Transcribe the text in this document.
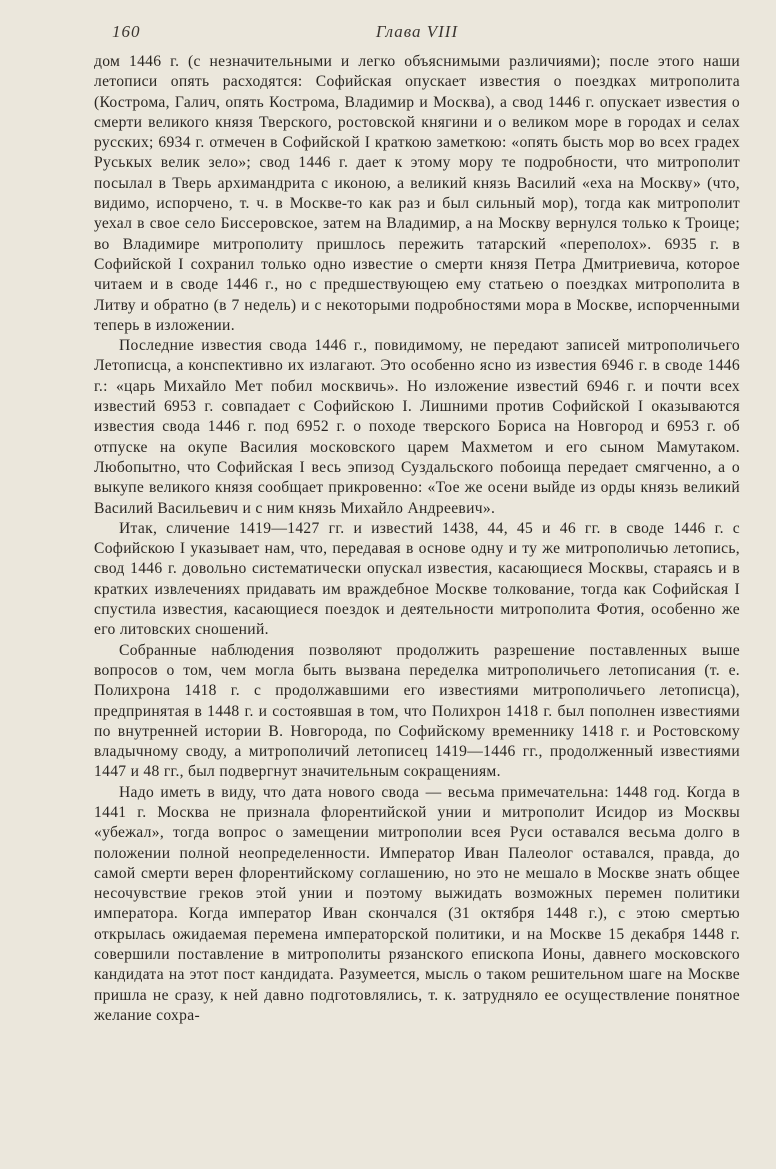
160	Глава VIII

дом 1446 г. (с незначительными и легко объяснимыми различиями); после этого наши летописи опять расходятся: Софийская опускает известия о поездках митрополита (Кострома, Галич, опять Кострома, Владимир и Москва), а свод 1446 г. опускает известия о смерти великого князя Тверского, ростовской княгини и о великом море в городах и селах русских; 6934 г. отмечен в Софийской I краткою заметкою: «опять бысть мор во всех градех Руськых велик зело»; свод 1446 г. дает к этому мору те подробности, что митрополит посылал в Тверь архимандрита с иконою, а великий князь Василий «еха на Москву» (что, видимо, испорчено, т. ч. в Москве-то как раз и был сильный мор), тогда как митрополит уехал в свое село Биссеровское, затем на Владимир, а на Москву вернулся только к Троице; во Владимире митрополиту пришлось пережить татарский «переполох». 6935 г. в Софийской I сохранил только одно известие о смерти князя Петра Дмитриевича, которое читаем и в своде 1446 г., но с предшествующею ему статьею о поездках митрополита в Литву и обратно (в 7 недель) и с некоторыми подробностями мора в Москве, испорченными теперь в изложении.

Последние известия свода 1446 г., повидимому, не передают записей митрополичьего Летописца, а конспективно их излагают. Это особенно ясно из известия 6946 г. в своде 1446 г.: «царь Михайло Мет побил москвичь». Но изложение известий 6946 г. и почти всех известий 6953 г. совпадает с Софийскою I. Лишними против Софийской I оказываются известия свода 1446 г. под 6952 г. о походе тверского Бориса на Новгород и 6953 г. об отпуске на окупе Василия московского царем Махметом и его сыном Мамутаком. Любопытно, что Софийская I весь эпизод Суздальского побоища передает смягченно, а о выкупе великого князя сообщает прикровенно: «Тое же осени выйде из орды князь великий Василий Васильевич и с ним князь Михайло Андреевич».

Итак, сличение 1419—1427 гг. и известий 1438, 44, 45 и 46 гг. в своде 1446 г. с Софийскою I указывает нам, что, передавая в основе одну и ту же митрополичью летопись, свод 1446 г. довольно систематически опускал известия, касающиеся Москвы, стараясь и в кратких извлечениях придавать им враждебное Москве толкование, тогда как Софийская I спустила известия, касающиеся поездок и деятельности митрополита Фотия, особенно же его литовских сношений.

Собранные наблюдения позволяют продолжить разрешение поставленных выше вопросов о том, чем могла быть вызвана переделка митрополичьего летописания (т. е. Полихрона 1418 г. с продолжавшими его известиями митрополичьего летописца), предпринятая в 1448 г. и состоявшая в том, что Полихрон 1418 г. был пополнен известиями по внутренней истории В. Новгорода, по Софийскому временнику 1418 г. и Ростовскому владычному своду, а митрополичий летописец 1419—1446 гг., продолженный известиями 1447 и 48 гг., был подвергнут значительным сокращениям.

Надо иметь в виду, что дата нового свода — весьма примечательна: 1448 год. Когда в 1441 г. Москва не признала флорентийской унии и митрополит Исидор из Москвы «убежал», тогда вопрос о замещении митрополии всея Руси оставался весьма долго в положении полной неопределенности. Император Иван Палеолог оставался, правда, до самой смерти верен флорентийскому соглашению, но это не мешало в Москве знать общее несочувствие греков этой унии и поэтому выжидать возможных перемен политики императора. Когда император Иван скончался (31 октября 1448 г.), с этою смертью открылась ожидаемая перемена императорской политики, и на Москве 15 декабря 1448 г. совершили поставление в митрополиты рязанского епископа Ионы, давнего московского кандидата на этот пост кандидата. Разумеется, мысль о таком решительном шаге на Москве пришла не сразу, к ней давно подготовлялись, т. к. затрудняло ее осуществление понятное желание сохра-
